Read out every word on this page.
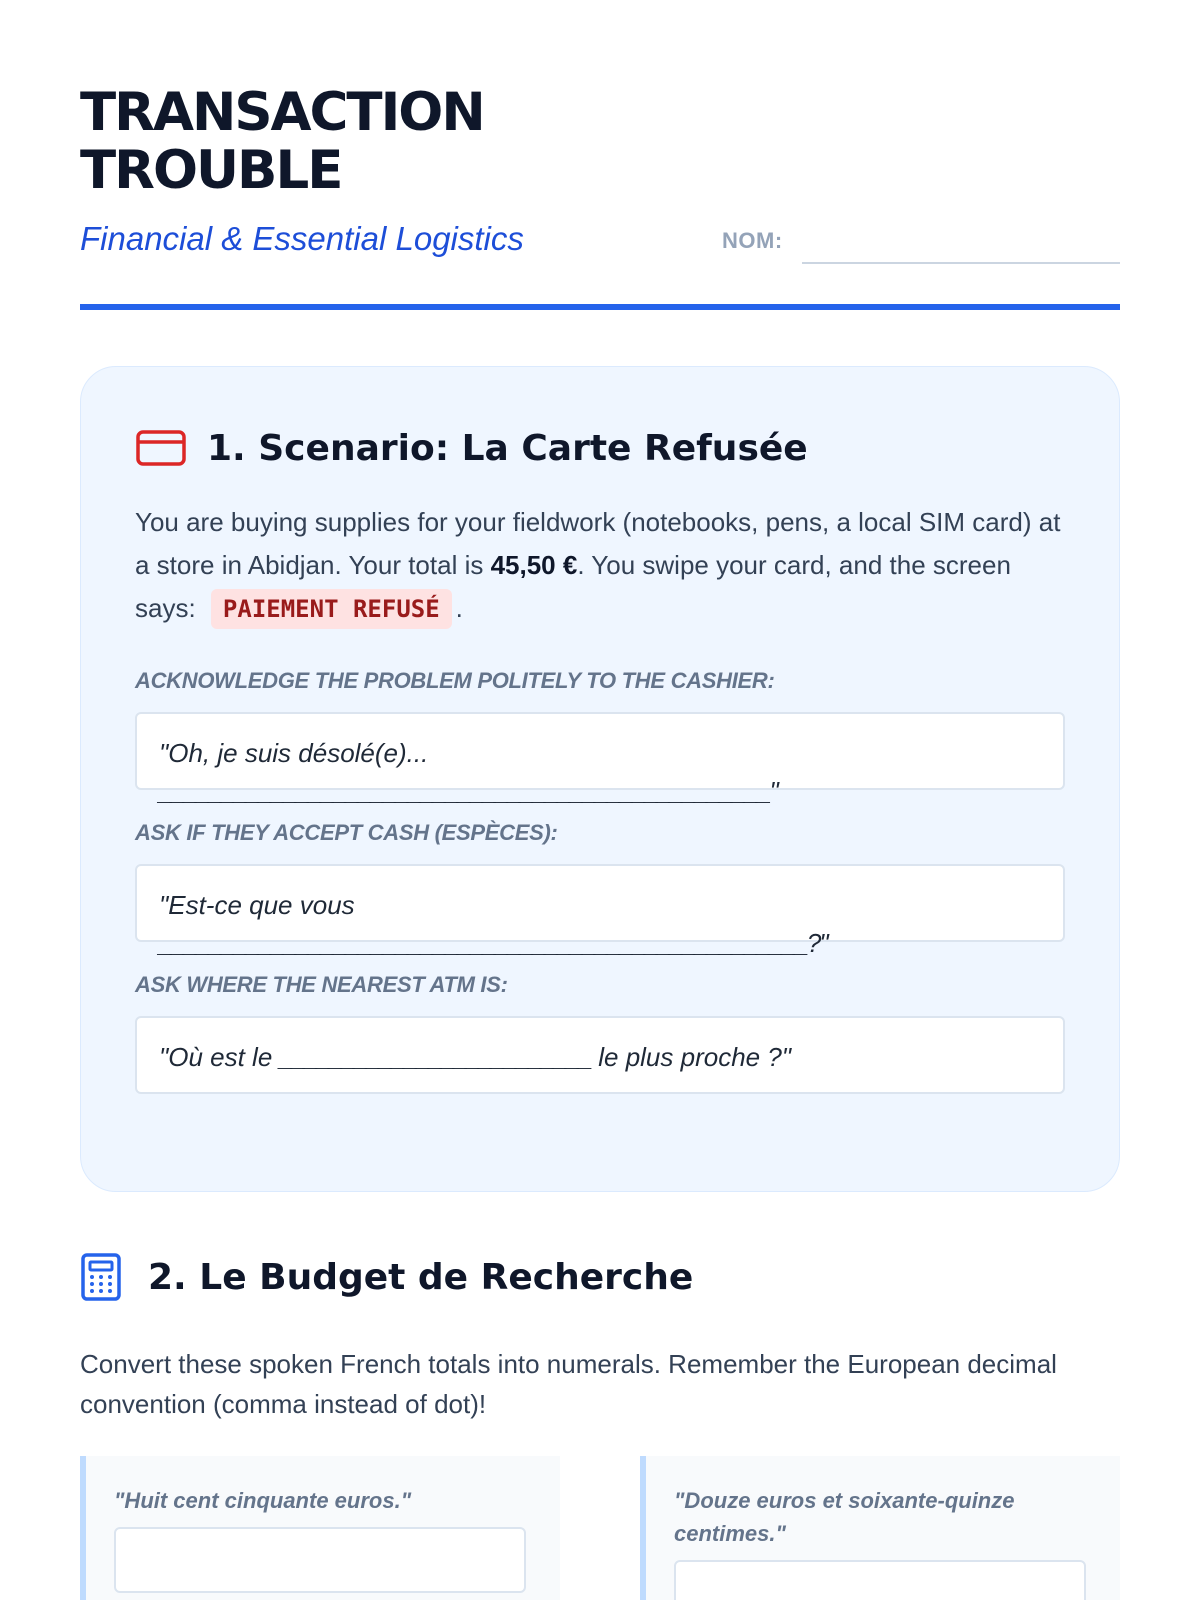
TRANSACTION
TROUBLE
Financial & Essential Logistics	NOM:
1. Scenario: La Carte Refusée

You are buying supplies for your fieldwork (notebooks, pens, a local SIM card) at a store in Abidjan. Your total is 45,50 €. You swipe your card, and the screen says: PAIEMENT REFUSÉ .

ACKNOWLEDGE THE PROBLEM POLITELY TO THE CASHIER:
"Oh, je suis désolé(e)...
_________________________________________________"
ASK IF THEY ACCEPT CASH (ESPÈCES):
"Est-ce que vous
____________________________________________________?"
ASK WHERE THE NEAREST ATM IS:
"Où est le _________________________ le plus proche ?"
2. Le Budget de Recherche

Convert these spoken French totals into numerals. Remember the European decimal convention (comma instead of dot)!

"Huit cent cinquante euros."	"Douze euros et soixante-quinze centimes."
